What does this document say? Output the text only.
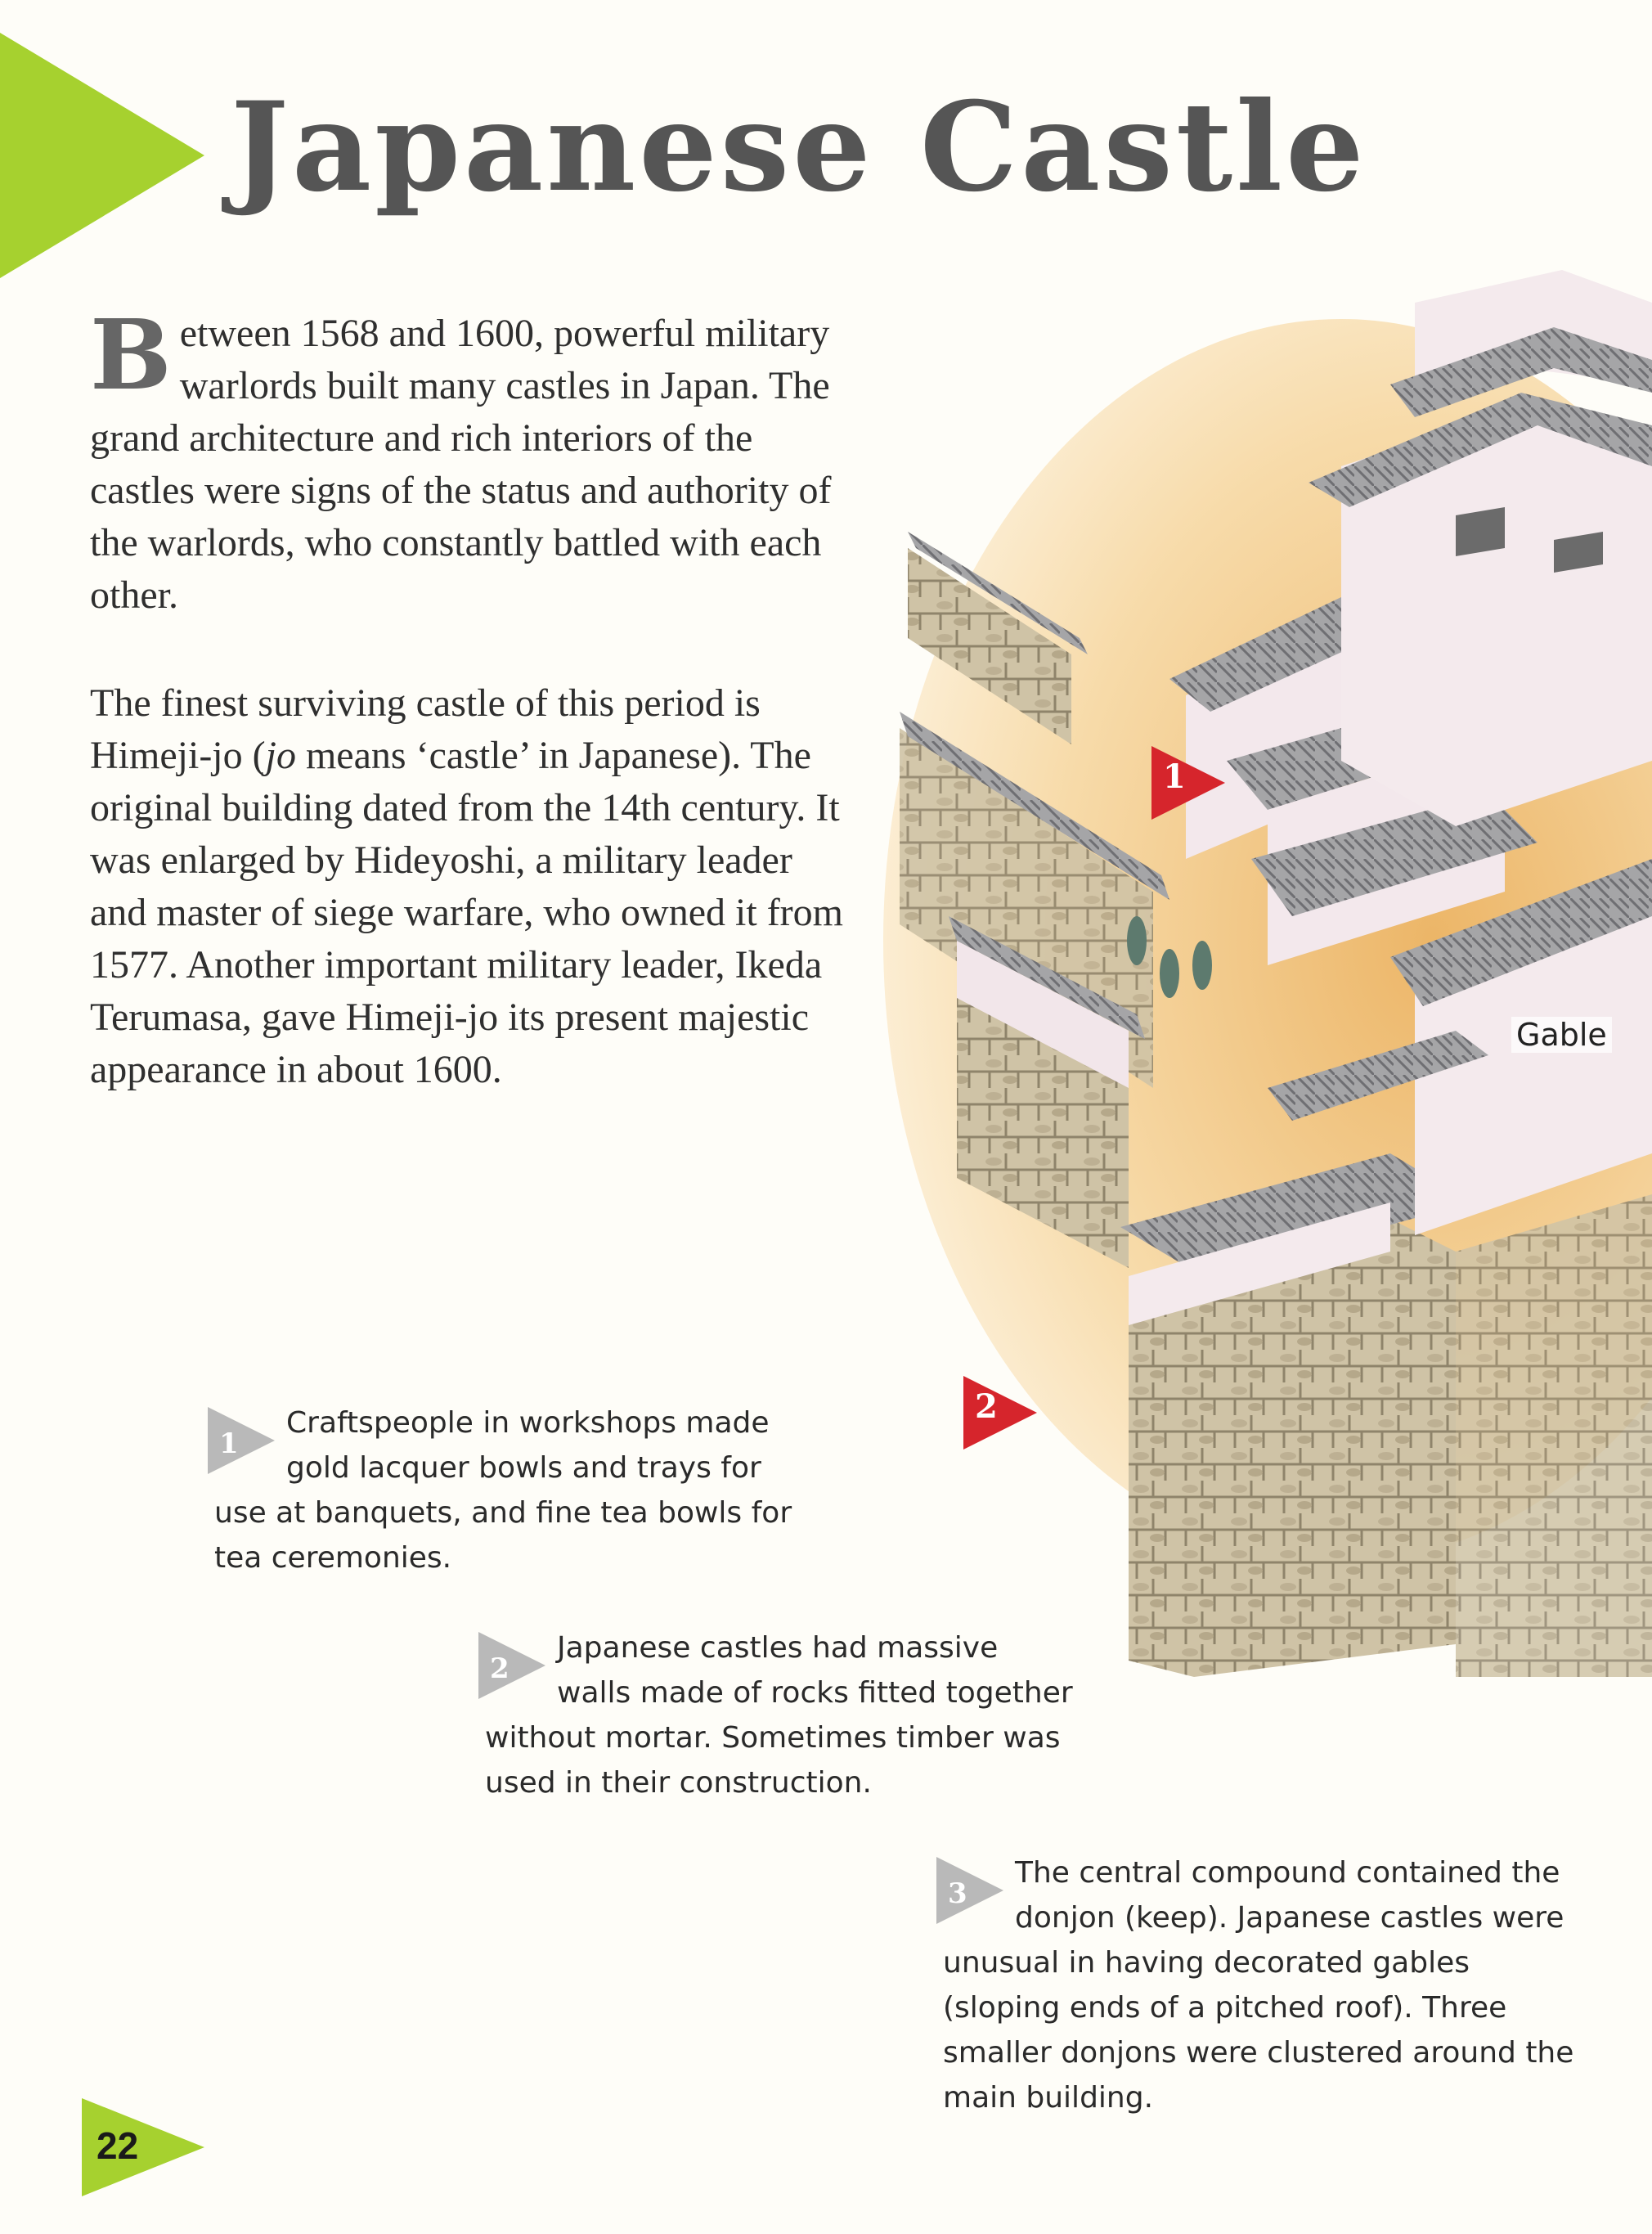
Japanese Castle

Between 1568 and 1600, powerful military warlords built many castles in Japan. The grand architecture and rich interiors of the castles were signs of the status and authority of the warlords, who constantly battled with each other.

The finest surviving castle of this period is Himeji-jo (jo means ‘castle’ in Japanese). The original building dated from the 14th century. It was enlarged by Hideyoshi, a military leader and master of siege warfare, who owned it from 1577. Another important military leader, Ikeda Terumasa, gave Himeji-jo its present majestic appearance in about 1600.

1
2
Gable

1
Craftspeople in workshops made gold lacquer bowls and trays for use at banquets, and fine tea bowls for tea ceremonies.

2
Japanese castles had massive walls made of rocks fitted together without mortar. Sometimes timber was used in their construction.

3
The central compound contained the donjon (keep). Japanese castles were unusual in having decorated gables (sloping ends of a pitched roof). Three smaller donjons were clustered around the main building.

22
